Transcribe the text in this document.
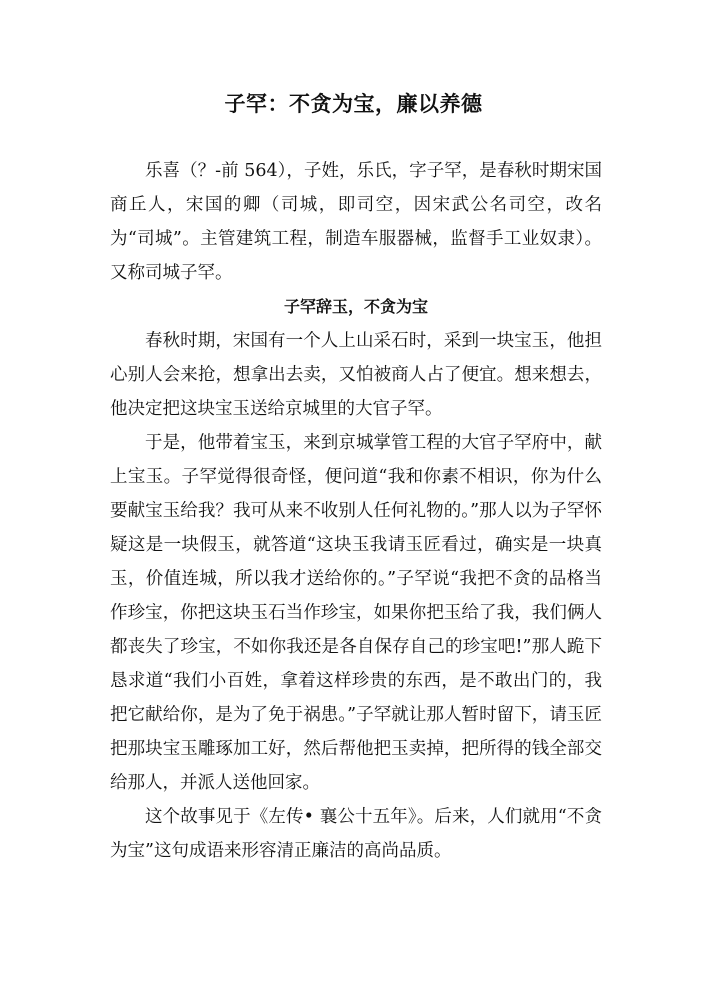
子罕：不贪为宝，廉以养德

乐喜（？-前 564），子姓，乐氏，字子罕，是春秋时期宋国商丘人，宋国的卿（司城，即司空，因宋武公名司空，改名为“司城”。主管建筑工程，制造车服器械，监督手工业奴隶）。又称司城子罕。

子罕辞玉，不贪为宝

春秋时期，宋国有一个人上山采石时，采到一块宝玉，他担心别人会来抢，想拿出去卖，又怕被商人占了便宜。想来想去，他决定把这块宝玉送给京城里的大官子罕。

于是，他带着宝玉，来到京城掌管工程的大官子罕府中，献上宝玉。子罕觉得很奇怪，便问道“我和你素不相识，你为什么要献宝玉给我？我可从来不收别人任何礼物的。”那人以为子罕怀疑这是一块假玉，就答道“这块玉我请玉匠看过，确实是一块真玉，价值连城，所以我才送给你的。”子罕说“我把不贪的品格当作珍宝，你把这块玉石当作珍宝，如果你把玉给了我，我们俩人都丧失了珍宝，不如你我还是各自保存自己的珍宝吧!”那人跪下恳求道“我们小百姓，拿着这样珍贵的东西，是不敢出门的，我把它献给你，是为了免于祸患。”子罕就让那人暂时留下，请玉匠把那块宝玉雕琢加工好，然后帮他把玉卖掉，把所得的钱全部交给那人，并派人送他回家。

这个故事见于《左传• 襄公十五年》。后来，人们就用“不贪为宝”这句成语来形容清正廉洁的高尚品质。
